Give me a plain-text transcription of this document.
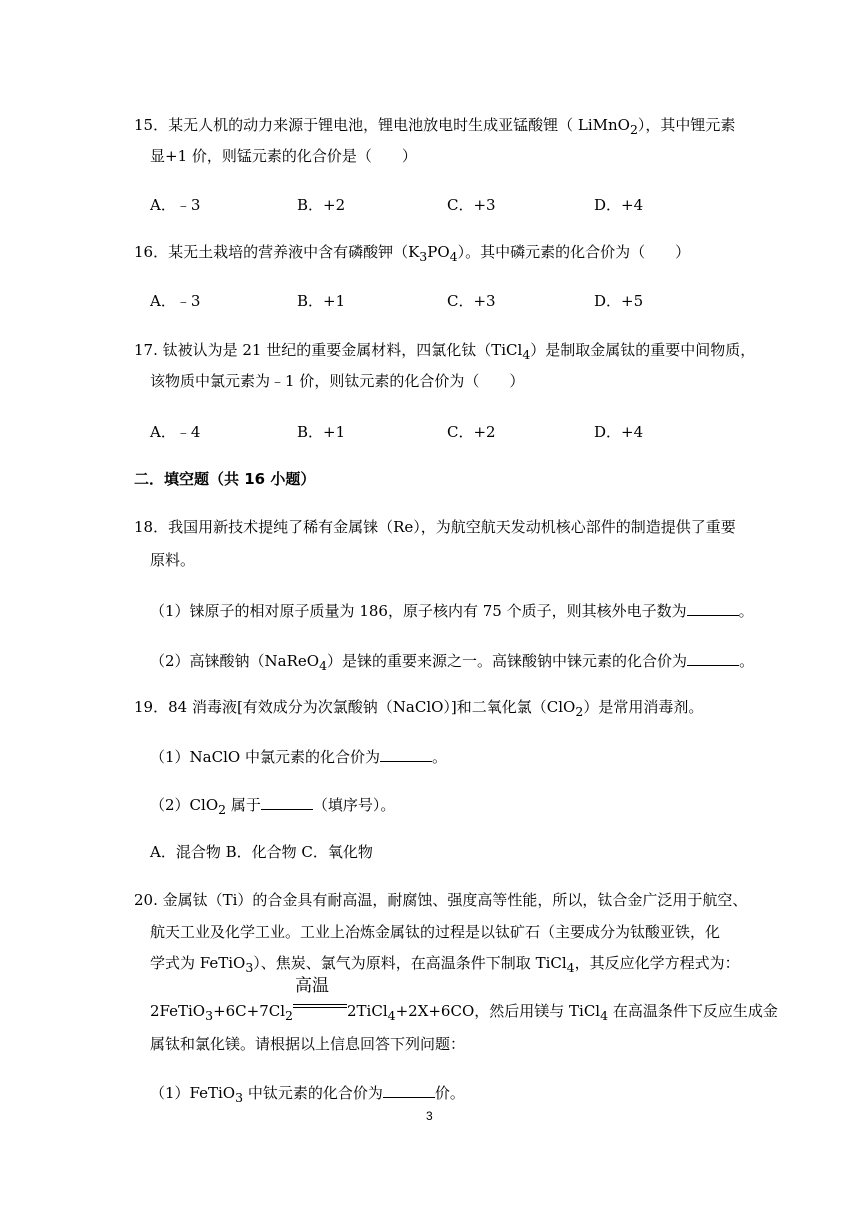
15．某无人机的动力来源于锂电池，锂电池放电时生成亚锰酸锂（ LiMnO$_2$），其中锂元素
显+1 价，则锰元素的化合价是（　　）
A．﹣3	B．+2	C．+3	D．+4
16．某无土栽培的营养液中含有磷酸钾$(K_3PO_4)$。其中磷元素的化合价为（　　）
A．﹣3	B．+1	C．+3	D．+5
17. 钛被认为是 21 世纪的重要金属材料，四氯化钛（TiCl$_4$）是制取金属钛的重要中间物质，
该物质中氯元素为﹣1 价，则钛元素的化合价为（　　）
A．﹣4	B．+1	C．+2	D．+4
二．填空题（共 16 小题）
18．我国用新技术提纯了稀有金属铼（Re），为航空航天发动机核心部件的制造提供了重要
原料。
（1）铼原子的相对原子质量为 186，原子核内有 75 个质子，则其核外电子数为	。
（2）高铼酸钠（NaReO$_4$）是铼的重要来源之一。高铼酸钠中铼元素的化合价为	。
19．84 消毒液[有效成分为次氯酸钠（NaClO）]和二氧化氯（ClO$_2$）是常用消毒剂。
（1）NaClO 中氯元素的化合价为	。
（2）ClO$_2$ 属于	（填序号）。
A．混合物 B．化合物 C．氧化物
20. 金属钛（Ti）的合金具有耐高温，耐腐蚀、强度高等性能，所以，钛合金广泛用于航空、
航天工业及化学工业。工业上冶炼金属钛的过程是以钛矿石（主要成分为钛酸亚铁，化
学式为 FeTiO$_3$）、焦炭、氯气为原料，在高温条件下制取 TiCl$_4$，其反应化学方程式为：
$2FeTiO_3+6C+7Cl_2$
高温
2TiCl$_4$+2X+6CO，然后用镁与 TiCl$_4$ 在高温条件下反应生成金
属钛和氯化镁。请根据以上信息回答下列问题：
（1）FeTiO$_3$ 中钛元素的化合价为	价。
3
